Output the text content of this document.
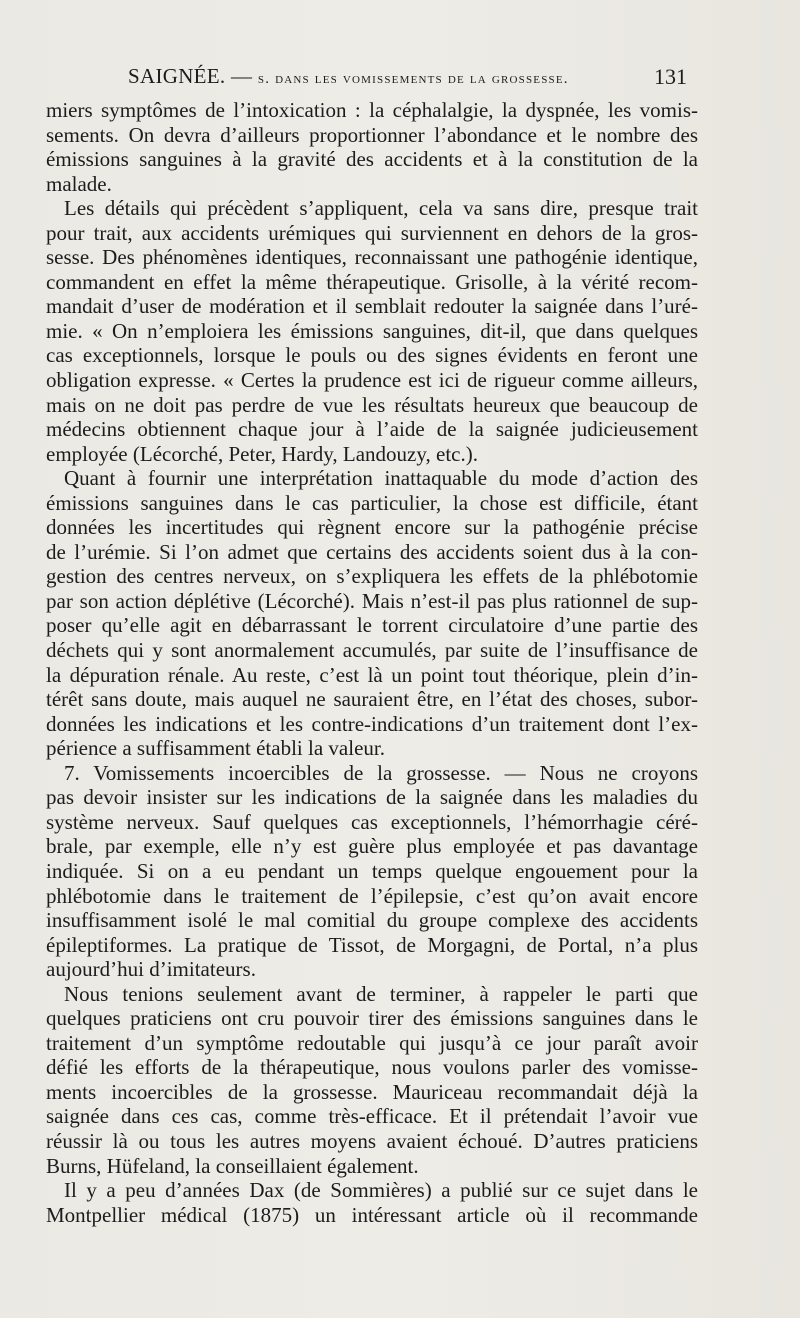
SAIGNÉE. — s. dans les vomissements de la grossesse.	131
miers symptômes de l’intoxication : la céphalalgie, la dyspnée, les vomis-
sements. On devra d’ailleurs proportionner l’abondance et le nombre des
émissions sanguines à la gravité des accidents et à la constitution de la
malade.
Les détails qui précèdent s’appliquent, cela va sans dire, presque trait
pour trait, aux accidents urémiques qui surviennent en dehors de la gros-
sesse. Des phénomènes identiques, reconnaissant une pathogénie identique,
commandent en effet la même thérapeutique. Grisolle, à la vérité recom-
mandait d’user de modération et il semblait redouter la saignée dans l’uré-
mie. « On n’emploiera les émissions sanguines, dit-il, que dans quelques
cas exceptionnels, lorsque le pouls ou des signes évidents en feront une
obligation expresse. « Certes la prudence est ici de rigueur comme ailleurs,
mais on ne doit pas perdre de vue les résultats heureux que beaucoup de
médecins obtiennent chaque jour à l’aide de la saignée judicieusement
employée (Lécorché, Peter, Hardy, Landouzy, etc.).
Quant à fournir une interprétation inattaquable du mode d’action des
émissions sanguines dans le cas particulier, la chose est difficile, étant
données les incertitudes qui règnent encore sur la pathogénie précise
de l’urémie. Si l’on admet que certains des accidents soient dus à la con-
gestion des centres nerveux, on s’expliquera les effets de la phlébotomie
par son action déplétive (Lécorché). Mais n’est-il pas plus rationnel de sup-
poser qu’elle agit en débarrassant le torrent circulatoire d’une partie des
déchets qui y sont anormalement accumulés, par suite de l’insuffisance de
la dépuration rénale. Au reste, c’est là un point tout théorique, plein d’in-
térêt sans doute, mais auquel ne sauraient être, en l’état des choses, subor-
données les indications et les contre-indications d’un traitement dont l’ex-
périence a suffisamment établi la valeur.
7. Vomissements incoercibles de la grossesse. — Nous ne croyons
pas devoir insister sur les indications de la saignée dans les maladies du
système nerveux. Sauf quelques cas exceptionnels, l’hémorrhagie céré-
brale, par exemple, elle n’y est guère plus employée et pas davantage
indiquée. Si on a eu pendant un temps quelque engouement pour la
phlébotomie dans le traitement de l’épilepsie, c’est qu’on avait encore
insuffisamment isolé le mal comitial du groupe complexe des accidents
épileptiformes. La pratique de Tissot, de Morgagni, de Portal, n’a plus
aujourd’hui d’imitateurs.
Nous tenions seulement avant de terminer, à rappeler le parti que
quelques praticiens ont cru pouvoir tirer des émissions sanguines dans le
traitement d’un symptôme redoutable qui jusqu’à ce jour paraît avoir
défié les efforts de la thérapeutique, nous voulons parler des vomisse-
ments incoercibles de la grossesse. Mauriceau recommandait déjà la
saignée dans ces cas, comme très-efficace. Et il prétendait l’avoir vue
réussir là ou tous les autres moyens avaient échoué. D’autres praticiens
Burns, Hüfeland, la conseillaient également.
Il y a peu d’années Dax (de Sommières) a publié sur ce sujet dans le
Montpellier médical (1875) un intéressant article où il recommande
